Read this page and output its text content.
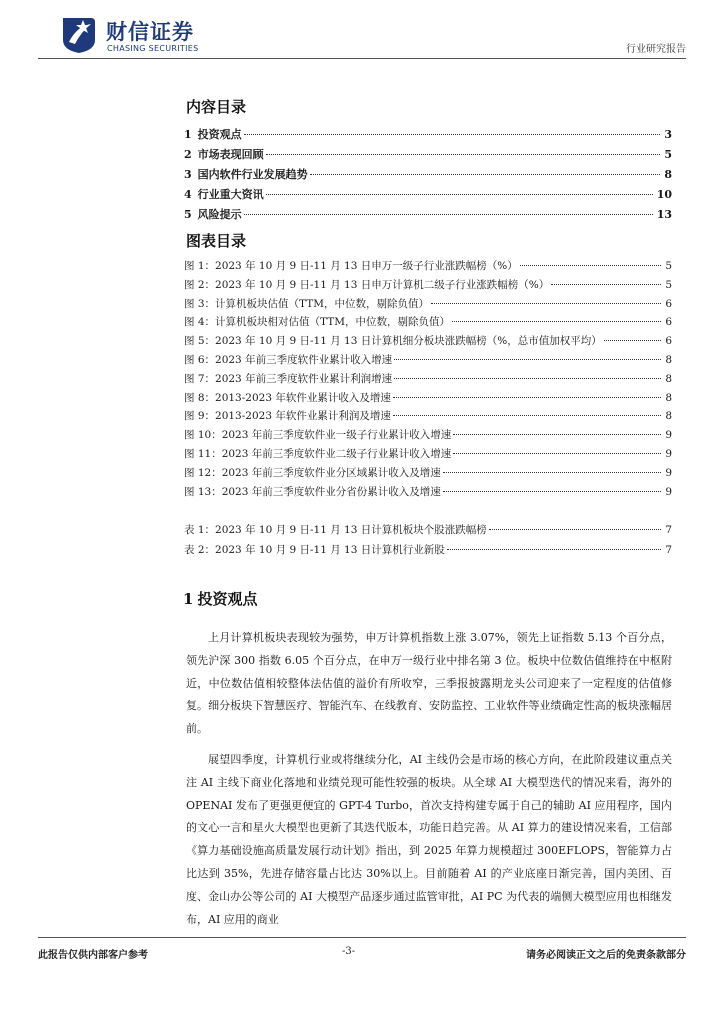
财信证券
CHASING SECURITIES	行业研究报告
内容目录
1 投资观点	3
2 市场表现回顾	5
3 国内软件行业发展趋势	8
4 行业重大资讯	10
5 风险提示	13
图表目录
图 1：2023 年 10 月 9 日-11 月 13 日申万一级子行业涨跌幅榜（%）	5
图 2：2023 年 10 月 9 日-11 月 13 日申万计算机二级子行业涨跌幅榜（%）	5
图 3：计算机板块估值（TTM，中位数，剔除负值）	6
图 4：计算机板块相对估值（TTM，中位数，剔除负值）	6
图 5：2023 年 10 月 9 日-11 月 13 日计算机细分板块涨跌幅榜（%，总市值加权平均）	6
图 6：2023 年前三季度软件业累计收入增速	8
图 7：2023 年前三季度软件业累计利润增速	8
图 8：2013-2023 年软件业累计收入及增速	8
图 9：2013-2023 年软件业累计利润及增速	8
图 10：2023 年前三季度软件业一级子行业累计收入增速	9
图 11：2023 年前三季度软件业二级子行业累计收入增速	9
图 12：2023 年前三季度软件业分区域累计收入及增速	9
图 13：2023 年前三季度软件业分省份累计收入及增速	9
表 1：2023 年 10 月 9 日-11 月 13 日计算机板块个股涨跌幅榜	7
表 2：2023 年 10 月 9 日-11 月 13 日计算机行业新股	7
1 投资观点

上月计算机板块表现较为强势，申万计算机指数上涨 3.07%，领先上证指数 5.13 个百分点，领先沪深 300 指数 6.05 个百分点，在申万一级行业中排名第 3 位。板块中位数估值维持在中枢附近，中位数估值相较整体法估值的溢价有所收窄，三季报披露期龙头公司迎来了一定程度的估值修复。细分板块下智慧医疗、智能汽车、在线教育、安防监控、工业软件等业绩确定性高的板块涨幅居前。

展望四季度，计算机行业或将继续分化，AI 主线仍会是市场的核心方向，在此阶段建议重点关注 AI 主线下商业化落地和业绩兑现可能性较强的板块。从全球 AI 大模型迭代的情况来看，海外的 OPENAI 发布了更强更便宜的 GPT-4 Turbo，首次支持构建专属于自己的辅助 AI 应用程序，国内的文心一言和星火大模型也更新了其迭代版本，功能日趋完善。从 AI 算力的建设情况来看，工信部《算力基础设施高质量发展行动计划》指出，到 2025 年算力规模超过 300EFLOPS，智能算力占比达到 35%，先进存储容量占比达 30%以上。目前随着 AI 的产业底座日渐完善，国内美团、百度、金山办公等公司的 AI 大模型产品逐步通过监管审批，AI PC 为代表的端侧大模型应用也相继发布，AI 应用的商业

此报告仅供内部客户参考	-3-	请务必阅读正文之后的免责条款部分
